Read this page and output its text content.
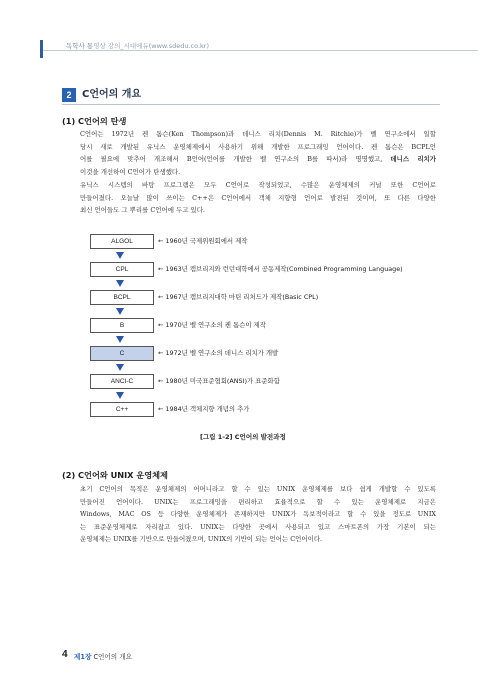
독학사 통영상 강의_시대에듀(www.sdedu.co.kr)
2	C언어의 개요
(1) C언어의 탄생
C언어는 1972년 켄 톰슨(Ken Thompson)과 데니스 리치(Dennis M. Ritchie)가 벨 연구소에서 일할
당시 새로 개발된 유닉스 운영체제에서 사용하기 위해 개발한 프로그래밍 언어이다. 켄 톰슨은 BCPL언
어를 필요에 맞추어 개조해서 B언어(언어를 개발한 벨 연구소의 B를 따서)라 명명했고, 데니스 리치가
이것을 개선하여 C언어가 탄생했다.
유닉스 시스템의 바탕 프로그램은 모두 C언어로 작성되었고, 수많은 운영체제의 커널 또한 C언어로
만들어졌다. 오늘날 많이 쓰이는 C++은 C언어에서 객체 지향형 언어로 발전된 것이며, 또 다른 다양한
최신 언어들도 그 뿌리를 C언어에 두고 있다.
ALGOL	← 1960년 국제위원회에서 제작
CPL	← 1963년 캠브리지와 런던대학에서 공동제작(Combined Programming Language)
BCPL	← 1967년 캠브리지대학 마틴 리처드가 제작(Basic CPL)
B	← 1970년 벨 연구소의 켄 톰슨이 제작
C	← 1972년 벨 연구소의 데니스 리치가 개발
ANCI-C	← 1980년 미국표준협회(ANSI)가 표준화함
C++	← 1984년 객체지향 개념의 추가
[그림 1-2] C언어의 발전과정
(2) C언어와 UNIX 운영체제
초기 C언어의 목적은 운영체제의 어머니라고 할 수 있는 UNIX 운영체제를 보다 쉽게 개발할 수 있도록
만들어진 언어이다. UNIX는 프로그래밍을 편리하고 효율적으로 할 수 있는 운영체제로 지금은
Windows, MAC OS 등 다양한 운영체제가 존재하지만 UNIX가 독보적이라고 할 수 있을 정도로 UNIX
는 표준운영체제로 자리잡고 있다. UNIX는 다양한 곳에서 사용되고 있고 스마트폰의 가장 기본이 되는
운영체제는 UNIX를 기반으로 만들어졌으며, UNIX의 기반이 되는 언어는 C언어이다.
4 제1장 C언어의 개요
